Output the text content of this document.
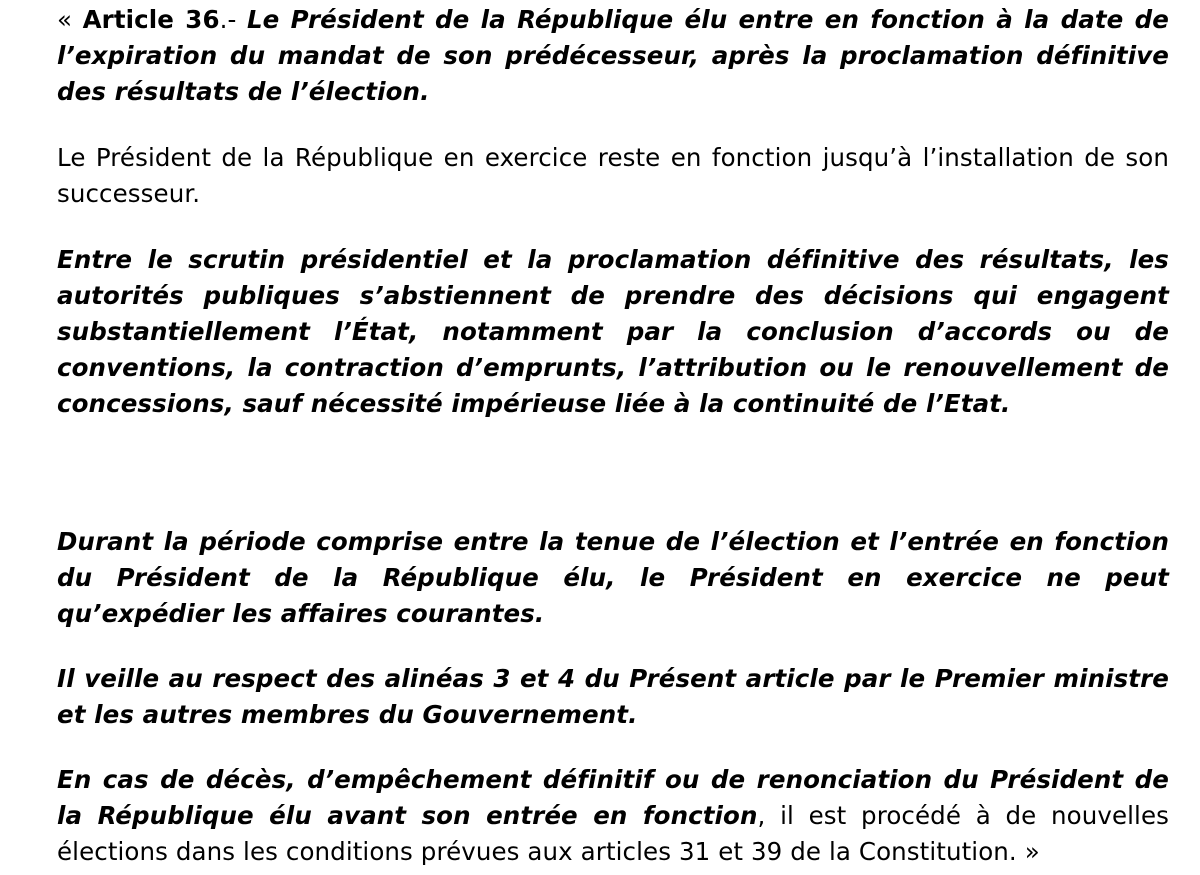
« Article 36.- Le Président de la République élu entre en fonction à la date de l’expiration du mandat de son prédécesseur, après la proclamation définitive des résultats de l’élection.

Le Président de la République en exercice reste en fonction jusqu’à l’installation de son successeur.

Entre le scrutin présidentiel et la proclamation définitive des résultats, les autorités publiques s’abstiennent de prendre des décisions qui engagent substantiellement l’État, notamment par la conclusion d’accords ou de conventions, la contraction d’emprunts, l’attribution ou le renouvellement de concessions, sauf nécessité impérieuse liée à la continuité de l’Etat.

Durant la période comprise entre la tenue de l’élection et l’entrée en fonction du Président de la République élu, le Président en exercice ne peut qu’expédier les affaires courantes.

Il veille au respect des alinéas 3 et 4 du Présent article par le Premier ministre et les autres membres du Gouvernement.

En cas de décès, d’empêchement définitif ou de renonciation du Président de la République élu avant son entrée en fonction, il est procédé à de nouvelles élections dans les conditions prévues aux articles 31 et 39 de la Constitution. »
